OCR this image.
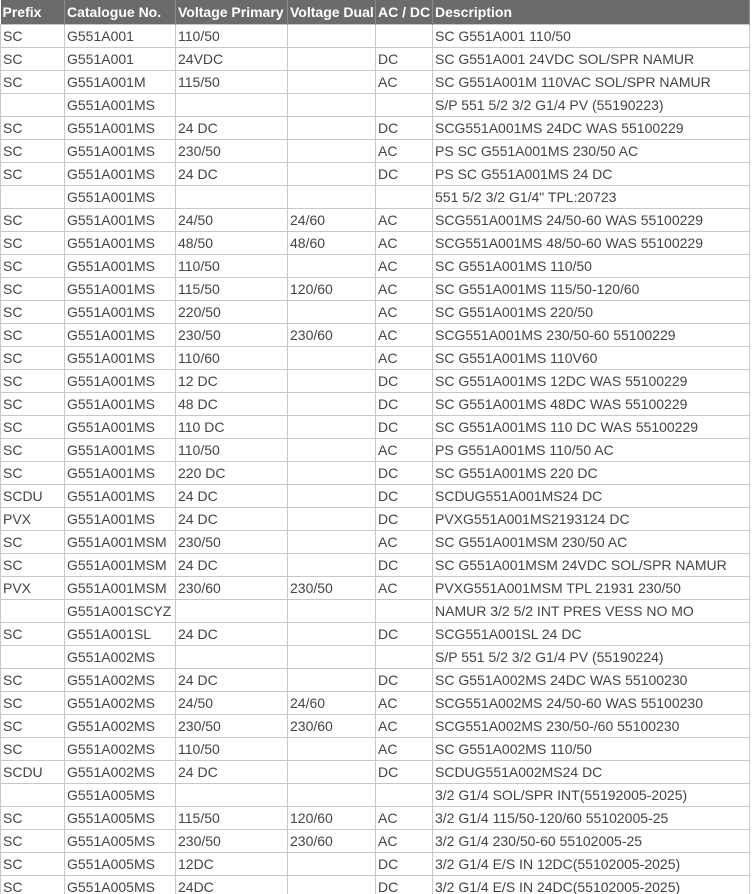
Prefix	Catalogue No.	Voltage Primary	Voltage Dual	AC / DC	Description
SC	G551A001	110/50			SC G551A001 110/50
SC	G551A001	24VDC		DC	SC G551A001 24VDC SOL/SPR NAMUR
SC	G551A001M	115/50		AC	SC G551A001M 110VAC SOL/SPR NAMUR
	G551A001MS				S/P 551 5/2 3/2 G1/4 PV (55190223)
SC	G551A001MS	24 DC		DC	SCG551A001MS 24DC WAS 55100229
SC	G551A001MS	230/50		AC	PS SC G551A001MS 230/50 AC
SC	G551A001MS	24 DC		DC	PS SC G551A001MS 24 DC
	G551A001MS				551 5/2 3/2 G1/4" TPL:20723
SC	G551A001MS	24/50	24/60	AC	SCG551A001MS 24/50-60 WAS 55100229
SC	G551A001MS	48/50	48/60	AC	SCG551A001MS 48/50-60 WAS 55100229
SC	G551A001MS	110/50		AC	SC G551A001MS 110/50
SC	G551A001MS	115/50	120/60	AC	SC G551A001MS 115/50-120/60
SC	G551A001MS	220/50		AC	SC G551A001MS 220/50
SC	G551A001MS	230/50	230/60	AC	SCG551A001MS 230/50-60 55100229
SC	G551A001MS	110/60		AC	SC G551A001MS 110V60
SC	G551A001MS	12 DC		DC	SC G551A001MS 12DC WAS 55100229
SC	G551A001MS	48 DC		DC	SC G551A001MS 48DC WAS 55100229
SC	G551A001MS	110 DC		DC	SC G551A001MS 110 DC WAS 55100229
SC	G551A001MS	110/50		AC	PS G551A001MS 110/50 AC
SC	G551A001MS	220 DC		DC	SC G551A001MS 220 DC
SCDU	G551A001MS	24 DC		DC	SCDUG551A001MS24 DC
PVX	G551A001MS	24 DC		DC	PVXG551A001MS2193124 DC
SC	G551A001MSM	230/50		AC	SC G551A001MSM 230/50 AC
SC	G551A001MSM	24 DC		DC	SC G551A001MSM 24VDC SOL/SPR NAMUR
PVX	G551A001MSM	230/60	230/50	AC	PVXG551A001MSM TPL 21931 230/50
	G551A001SCYZ				NAMUR 3/2 5/2 INT PRES VESS NO MO
SC	G551A001SL	24 DC		DC	SCG551A001SL 24 DC
	G551A002MS				S/P 551 5/2 3/2 G1/4 PV (55190224)
SC	G551A002MS	24 DC		DC	SC G551A002MS 24DC WAS 55100230
SC	G551A002MS	24/50	24/60	AC	SCG551A002MS 24/50-60 WAS 55100230
SC	G551A002MS	230/50	230/60	AC	SCG551A002MS 230/50-/60 55100230
SC	G551A002MS	110/50		AC	SC G551A002MS 110/50
SCDU	G551A002MS	24 DC		DC	SCDUG551A002MS24 DC
	G551A005MS				3/2 G1/4 SOL/SPR INT(55192005-2025)
SC	G551A005MS	115/50	120/60	AC	3/2 G1/4 115/50-120/60 55102005-25
SC	G551A005MS	230/50	230/60	AC	3/2 G1/4 230/50-60 55102005-25
SC	G551A005MS	12DC		DC	3/2 G1/4 E/S IN 12DC(55102005-2025)
SC	G551A005MS	24DC		DC	3/2 G1/4 E/S IN 24DC(55102005-2025)
